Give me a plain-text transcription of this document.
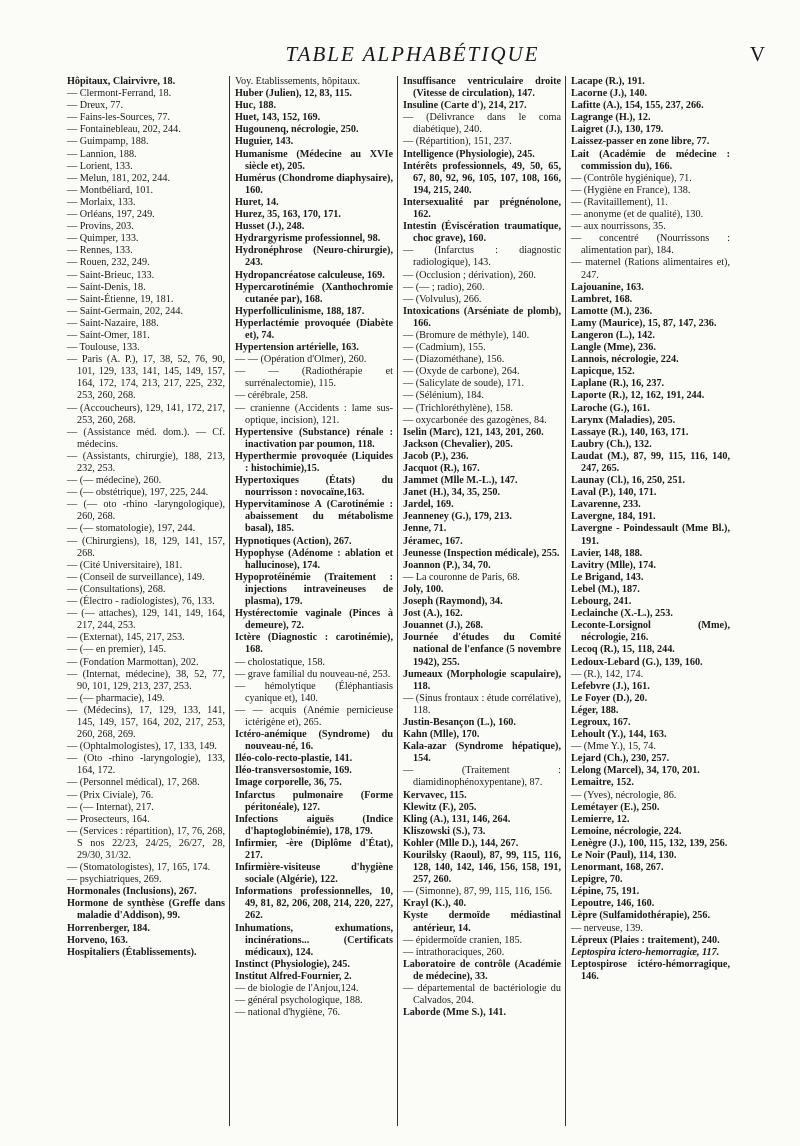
TABLE ALPHABÉTIQUE	V

Hôpitaux, Clairvivre, 18.

— Clermont-Ferrand, 18.

— Dreux, 77.

— Fains-les-Sources, 77.

— Fontainebleau, 202, 244.

— Guimpamp, 188.

— Lannion, 188.

— Lorient, 133.

— Melun, 181, 202, 244.

— Montbéliard, 101.

— Morlaix, 133.

— Orléans, 197, 249.

— Provins, 203.

— Quimper, 133.

— Rennes, 133.

— Rouen, 232, 249.

— Saint-Brieuc, 133.

— Saint-Denis, 18.

— Saint-Étienne, 19, 181.

— Saint-Germain, 202, 244.

— Saint-Nazaire, 188.

— Saint-Omer, 181.

— Toulouse, 133.

— Paris (A. P.), 17, 38, 52, 76, 90, 101, 129, 133, 141, 145, 149, 157, 164, 172, 174, 213, 217, 225, 232, 253, 260, 268.

— (Accoucheurs), 129, 141, 172, 217, 253, 260, 268.

— (Assistance méd. dom.). — Cf. médecins.

— (Assistants, chirurgie), 188, 213, 232, 253.

— (— médecine), 260.

— (— obstétrique), 197, 225, 244.

— (— oto -rhino -laryngologique), 260, 268.

— (— stomatologie), 197, 244.

— (Chirurgiens), 18, 129, 141, 157, 268.

— (Cité Universitaire), 181.

— (Conseil de surveillance), 149.

— (Consultations), 268.

— (Électro - radiologistes), 76, 133.

— (— attaches), 129, 141, 149, 164, 217, 244, 253.

— (Externat), 145, 217, 253.

— (— en premier), 145.

— (Fondation Marmottan), 202.

— (Internat, médecine), 38, 52, 77, 90, 101, 129, 213, 237, 253.

— (— pharmacie), 149.

— (Médecins), 17, 129, 133, 141, 145, 149, 157, 164, 202, 217, 253, 260, 268, 269.

— (Ophtalmologistes), 17, 133, 149.

— (Oto -rhino -laryngologie), 133, 164, 172.

— (Personnel médical), 17, 268.

— (Prix Civiale), 76.

— (— Internat), 217.

— Prosecteurs, 164.

— (Services : répartition), 17, 76, 268, S nos 22/23, 24/25, 26/27, 28, 29/30, 31/32.

— (Stomatologistes), 17, 165, 174.

— psychiatriques, 269.

Hormonales (Inclusions), 267.

Hormone de synthèse (Greffe dans maladie d'Addison), 99.

Horrenberger, 184.

Horveno, 163.

Hospitaliers (Établissements).

Voy. Établissements, hôpitaux.

Huber (Julien), 12, 83, 115.

Huc, 188.

Huet, 143, 152, 169.

Hugounenq, nécrologie, 250.

Huguier, 143.

Humanisme (Médecine au XVIe siècle et), 205.

Humérus (Chondrome diaphysaire), 160.

Huret, 14.

Hurez, 35, 163, 170, 171.

Husset (J.), 248.

Hydrargyrisme professionnel, 98.

Hydronéphrose (Neuro-chirurgie), 243.

Hydropancréatose calculeuse, 169.

Hypercarotinémie (Xanthochromie cutanée par), 168.

Hyperfolliculinisme, 188, 187.

Hyperlactémie provoquée (Diabète et), 74.

Hypertension artérielle, 163.

— — (Opération d'Olmer), 260.

— — (Radiothérapie et surrénalectomie), 115.

— cérébrale, 258.

— cranienne (Accidents : lame sus-optique, incision), 121.

Hypertensive (Substance) rénale : inactivation par poumon, 118.

Hyperthermie provoquée (Liquides : histochimie),15.

Hypertoxiques (États) du nourrisson : novocaïne,163.

Hypervitaminose A (Carotinémie : abaissement du métabolisme basal), 185.

Hypnotiques (Action), 267.

Hypophyse (Adénome : ablation et hallucinose), 174.

Hypoprotéinémie (Traitement : injections intraveineuses de plasma), 179.

Hystérectomie vaginale (Pinces à demeure), 72.

Ictère (Diagnostic : carotinémie), 168.

— cholostatique, 158.

— grave familial du nouveau-né, 253.

— hémolytique (Éléphantiasis cyanique et), 140.

— — acquis (Anémie pernicieuse ictérigène et), 265.

Ictéro-anémique (Syndrome) du nouveau-né, 16.

Iléo-colo-recto-plastie, 141.

Iléo-transversostomie, 169.

Image corporelle, 36, 75.

Infarctus pulmonaire (Forme péritonéale), 127.

Infections aiguës (Indice d'haptoglobinémie), 178, 179.

Infirmier, -ère (Diplôme d'État), 217.

Infirmière-visiteuse d'hygiène sociale (Algérie), 122.

Informations professionnelles, 10, 49, 81, 82, 206, 208, 214, 220, 227, 262.

Inhumations, exhumations, incinérations... (Certificats médicaux), 124.

Instinct (Physiologie), 245.

Institut Alfred-Fournier, 2.

— de biologie de l'Anjou,124.

— général psychologique, 188.

— national d'hygiène, 76.

Insuffisance ventriculaire droite (Vitesse de circulation), 147.

Insuline (Carte d'), 214, 217.

— (Délivrance dans le coma diabétique), 240.

— (Répartition), 151, 237.

Intelligence (Physiologie), 245.

Intérêts professionnels, 49, 50, 65, 67, 80, 92, 96, 105, 107, 108, 166, 194, 215, 240.

Intersexualité par prégnénolone, 162.

Intestin (Éviscération traumatique, choc grave), 160.

— (Infarctus : diagnostic radiologique), 143.

— (Occlusion ; dérivation), 260.

— (— ; radio), 260.

— (Volvulus), 266.

Intoxications (Arséniate de plomb), 166.

— (Bromure de méthyle), 140.

— (Cadmium), 155.

— (Diazométhane), 156.

— (Oxyde de carbone), 264.

— (Salicylate de soude), 171.

— (Sélénium), 184.

— (Trichloréthylène), 158.

— oxycarbonée des gazogènes, 84.

Iselin (Marc), 121, 143, 201, 260.

Jackson (Chevalier), 205.

Jacob (P.), 236.

Jacquot (R.), 167.

Jammet (Mlle M.-L.), 147.

Janet (H.), 34, 35, 250.

Jardel, 169.

Jeanneney (G.), 179, 213.

Jenne, 71.

Jéramec, 167.

Jeunesse (Inspection médicale), 255.

Joannon (P.), 34, 70.

— La couronne de Paris, 68.

Joly, 100.

Joseph (Raymond), 34.

Jost (A.), 162.

Jouannet (J.), 268.

Journée d'études du Comité national de l'enfance (5 novembre 1942), 255.

Jumeaux (Morphologie scapulaire), 118.

— (Sinus frontaux : étude corrélative), 118.

Justin-Besançon (L.), 160.

Kahn (Mlle), 170.

Kala-azar (Syndrome hépatique), 154.

— (Traitement : diamidinophénoxypentane), 87.

Kervavec, 115.

Klewitz (F.), 205.

Kling (A.), 131, 146, 264.

Kliszowski (S.), 73.

Kohler (Mlle D.), 144, 267.

Kourilsky (Raoul), 87, 99, 115, 116, 128, 140, 142, 146, 156, 158, 191, 257, 260.

— (Simonne), 87, 99, 115, 116, 156.

Krayl (K.), 40.

Kyste dermoïde médiastinal antérieur, 14.

— épidermoïde cranien, 185.

— intrathoraciques, 260.

Laboratoire de contrôle (Académie de médecine), 33.

— départemental de bactériologie du Calvados, 204.

Laborde (Mme S.), 141.

Lacape (R.), 191.

Lacorne (J.), 140.

Lafitte (A.), 154, 155, 237, 266.

Lagrange (H.), 12.

Laigret (J.), 130, 179.

Laissez-passer en zone libre, 77.

Lait (Académie de médecine : commission du), 166.

— (Contrôle hygiénique), 71.

— (Hygiène en France), 138.

— (Ravitaillement), 11.

— anonyme (et de qualité), 130.

— aux nourrissons, 35.

— concentré (Nourrissons : alimentation par), 184.

— maternel (Rations alimentaires et), 247.

Lajouanine, 163.

Lambret, 168.

Lamotte (M.), 236.

Lamy (Maurice), 15, 87, 147, 236.

Langeron (L.), 142.

Langle (Mme), 236.

Lannois, nécrologie, 224.

Lapicque, 152.

Laplane (R.), 16, 237.

Laporte (R.), 12, 162, 191, 244.

Laroche (G.), 161.

Larynx (Maladies), 205.

Lassaye (R.), 140, 163, 171.

Laubry (Ch.), 132.

Laudat (M.), 87, 99, 115, 116, 140, 247, 265.

Launay (Cl.), 16, 250, 251.

Laval (P.), 140, 171.

Lavarenne, 233.

Lavergne, 184, 191.

Lavergne - Poindessault (Mme Bl.), 191.

Lavier, 148, 188.

Lavitry (Mlle), 174.

Le Brigand, 143.

Lebel (M.), 187.

Lebourg, 241.

Leclainche (X.-L.), 253.

Leconte-Lorsignol (Mme), nécrologie, 216.

Lecoq (R.), 15, 118, 244.

Ledoux-Lebard (G.), 139, 160.

— (R.), 142, 174.

Lefebvre (J.), 161.

Le Foyer (D.), 20.

Léger, 188.

Legroux, 167.

Lehoult (Y.), 144, 163.

— (Mme Y.), 15, 74.

Lejard (Ch.), 230, 257.

Lelong (Marcel), 34, 170, 201.

Lemaitre, 152.

— (Yves), nécrologie, 86.

Lemétayer (E.), 250.

Lemierre, 12.

Lemoine, nécrologie, 224.

Lenègre (J.), 100, 115, 132, 139, 256.

Le Noir (Paul), 114, 130.

Lenormant, 168, 267.

Lepigre, 70.

Lépine, 75, 191.

Lepoutre, 146, 160.

Lèpre (Sulfamidothérapie), 256.

— nerveuse, 139.

Lépreux (Plaies : traitement), 240.

Leptospira ictero-hemorragiæ, 117.

Leptospirose ictéro-hémorragique, 146.
